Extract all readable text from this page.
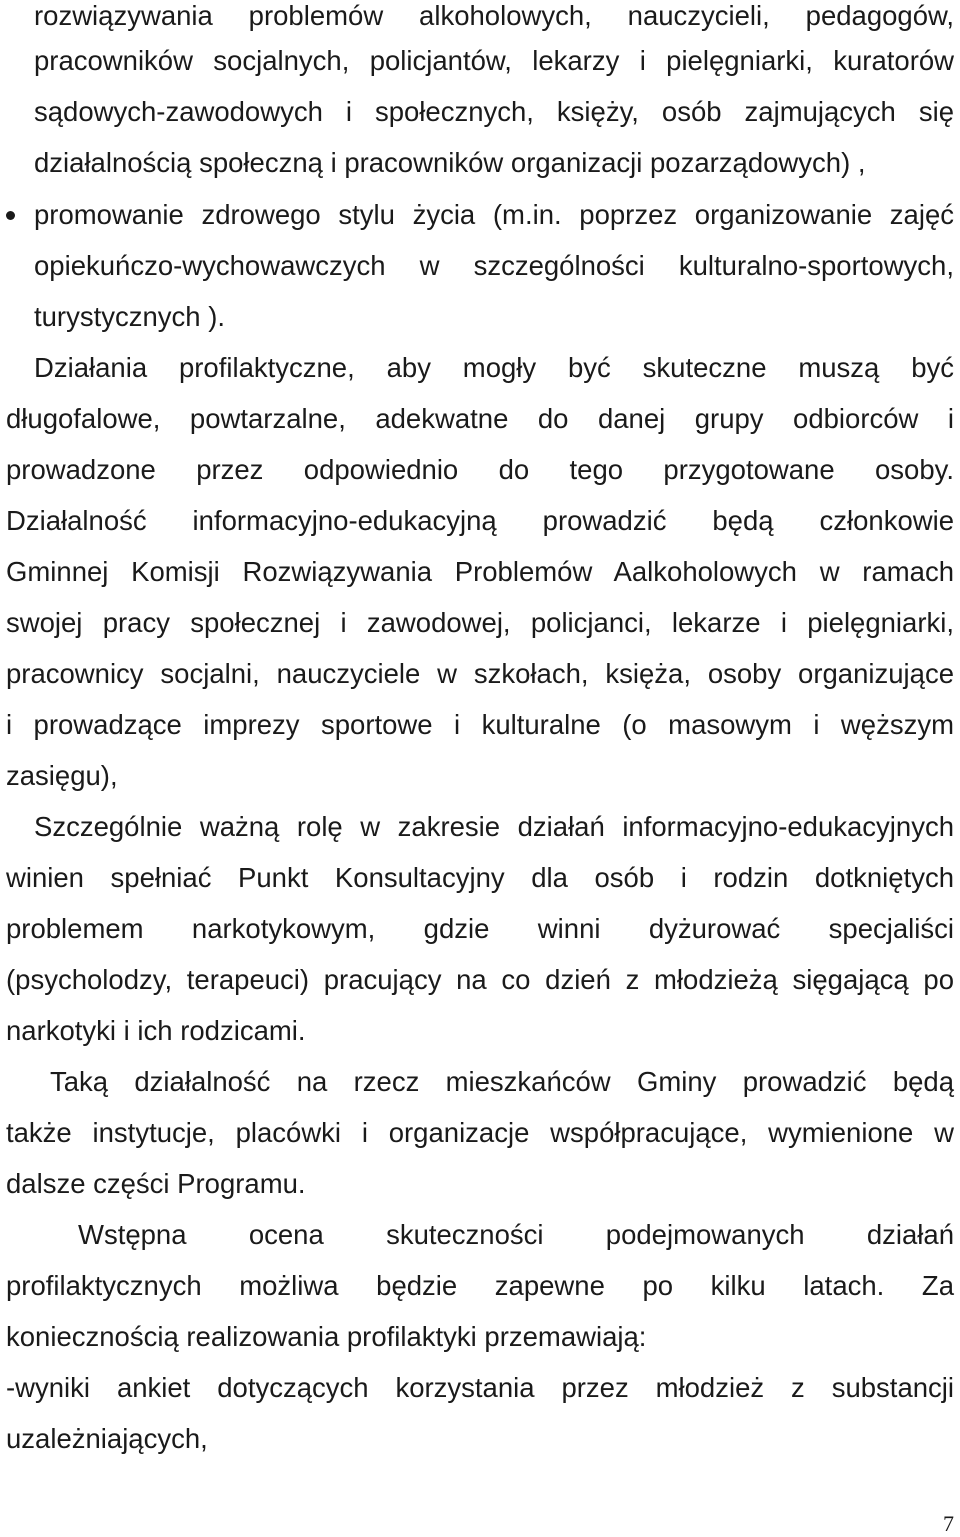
rozwiązywania problemów alkoholowych, nauczycieli, pedagogów,
pracowników socjalnych, policjantów, lekarzy i pielęgniarki, kuratorów
sądowych-zawodowych i społecznych, księży, osób zajmujących się
działalnością społeczną i pracowników organizacji pozarządowych) ,
promowanie zdrowego stylu życia (m.in. poprzez organizowanie zajęć
opiekuńczo-wychowawczych w szczególności kulturalno-sportowych,
turystycznych ).
Działania profilaktyczne, aby mogły być skuteczne muszą być
długofalowe, powtarzalne, adekwatne do danej grupy odbiorców i
prowadzone przez odpowiednio do tego przygotowane osoby.
Działalność informacyjno-edukacyjną prowadzić będą członkowie
Gminnej Komisji Rozwiązywania Problemów Aalkoholowych w ramach
swojej pracy społecznej i zawodowej, policjanci, lekarze i pielęgniarki,
pracownicy socjalni, nauczyciele w szkołach, księża, osoby organizujące
i prowadzące imprezy sportowe i kulturalne (o masowym i węższym
zasięgu),
Szczególnie ważną rolę w zakresie działań informacyjno-edukacyjnych
winien spełniać Punkt Konsultacyjny dla osób i rodzin dotkniętych
problemem narkotykowym, gdzie winni dyżurować specjaliści
(psycholodzy, terapeuci) pracujący na co dzień z młodzieżą sięgającą po
narkotyki i ich rodzicami.
Taką działalność na rzecz mieszkańców Gminy prowadzić będą
także instytucje, placówki i organizacje współpracujące, wymienione w
dalsze części Programu.
Wstępna ocena skuteczności podejmowanych działań
profilaktycznych możliwa będzie zapewne po kilku latach. Za
koniecznością realizowania profilaktyki przemawiają:
-wyniki ankiet dotyczących korzystania przez młodzież z substancji
uzależniających,
7
